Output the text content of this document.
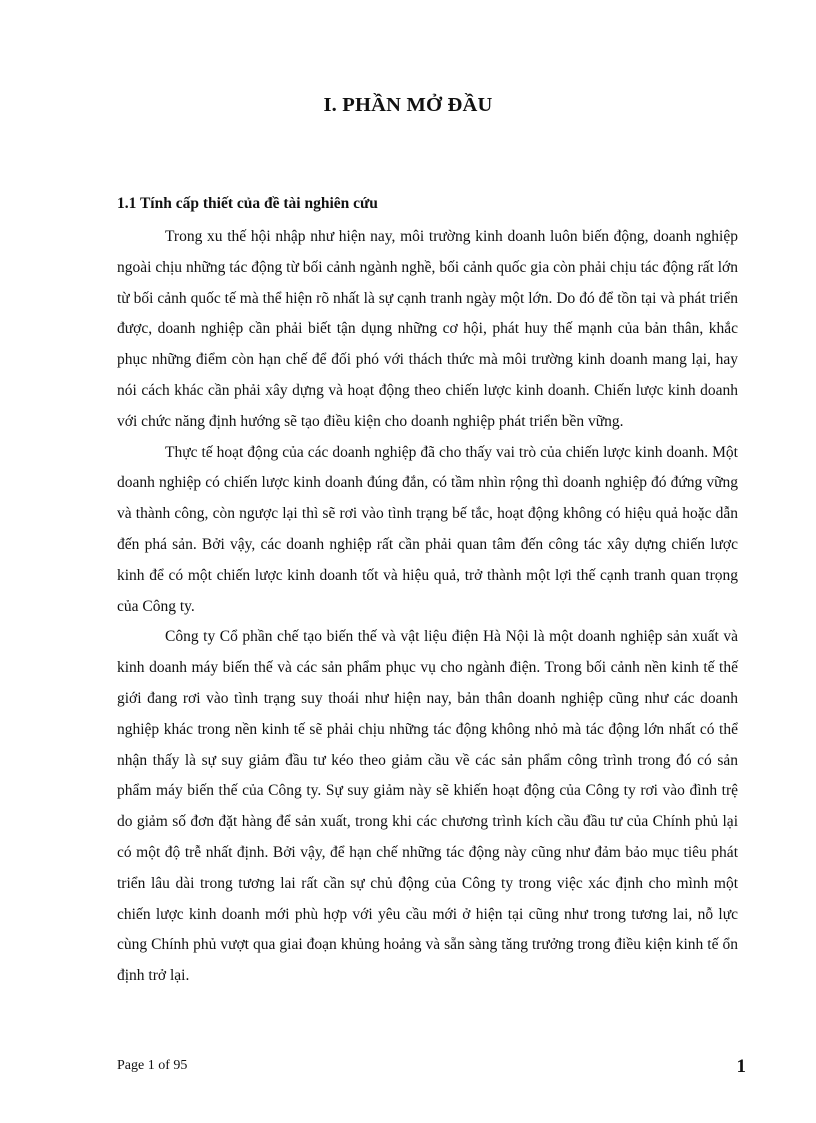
I. PHẦN MỞ ĐẦU
1.1 Tính cấp thiết của đề tài nghiên cứu

Trong xu thế hội nhập như hiện nay, môi trường kinh doanh luôn biến động, doanh nghiệp ngoài chịu những tác động từ bối cảnh ngành nghề, bối cảnh quốc gia còn phải chịu tác động rất lớn từ bối cảnh quốc tế mà thể hiện rõ nhất là sự cạnh tranh ngày một lớn. Do đó để tồn tại và phát triển được, doanh nghiệp cần phải biết tận dụng những cơ hội, phát huy thế mạnh của bản thân, khắc phục những điểm còn hạn chế để đối phó với thách thức mà môi trường kinh doanh mang lại, hay nói cách khác cần phải xây dựng và hoạt động theo chiến lược kinh doanh. Chiến lược kinh doanh với chức năng định hướng sẽ tạo điều kiện cho doanh nghiệp phát triển bền vững.

Thực tế hoạt động của các doanh nghiệp đã cho thấy vai trò của chiến lược kinh doanh. Một doanh nghiệp có chiến lược kinh doanh đúng đắn, có tầm nhìn rộng thì doanh nghiệp đó đứng vững và thành công, còn ngược lại thì sẽ rơi vào tình trạng bế tắc, hoạt động không có hiệu quả hoặc dẫn đến phá sản. Bởi vậy, các doanh nghiệp rất cần phải quan tâm đến công tác xây dựng chiến lược kinh để có một chiến lược kinh doanh tốt và hiệu quả, trở thành một lợi thế cạnh tranh quan trọng của Công ty.

Công ty Cổ phần chế tạo biến thế và vật liệu điện Hà Nội là một doanh nghiệp sản xuất và kinh doanh máy biến thế và các sản phẩm phục vụ cho ngành điện. Trong bối cảnh nền kinh tế thế giới đang rơi vào tình trạng suy thoái như hiện nay, bản thân doanh nghiệp cũng như các doanh nghiệp khác trong nền kinh tế sẽ phải chịu những tác động không nhỏ mà tác động lớn nhất có thể nhận thấy là sự suy giảm đầu tư kéo theo giảm cầu về các sản phẩm công trình trong đó có sản phẩm máy biến thế của Công ty. Sự suy giảm này sẽ khiến hoạt động của Công ty rơi vào đình trệ do giảm số đơn đặt hàng để sản xuất, trong khi các chương trình kích cầu đầu tư của Chính phủ lại có một độ trễ nhất định. Bởi vậy, để hạn chế những tác động này cũng như đảm bảo mục tiêu phát triển lâu dài trong tương lai rất cần sự chủ động của Công ty trong việc xác định cho mình một chiến lược kinh doanh mới phù hợp với yêu cầu mới ở hiện tại cũng như trong tương lai, nỗ lực cùng Chính phủ vượt qua giai đoạn khủng hoảng và sẵn sàng tăng trưởng trong điều kiện kinh tế ổn định trở lại.

Page 1 of 95	1
